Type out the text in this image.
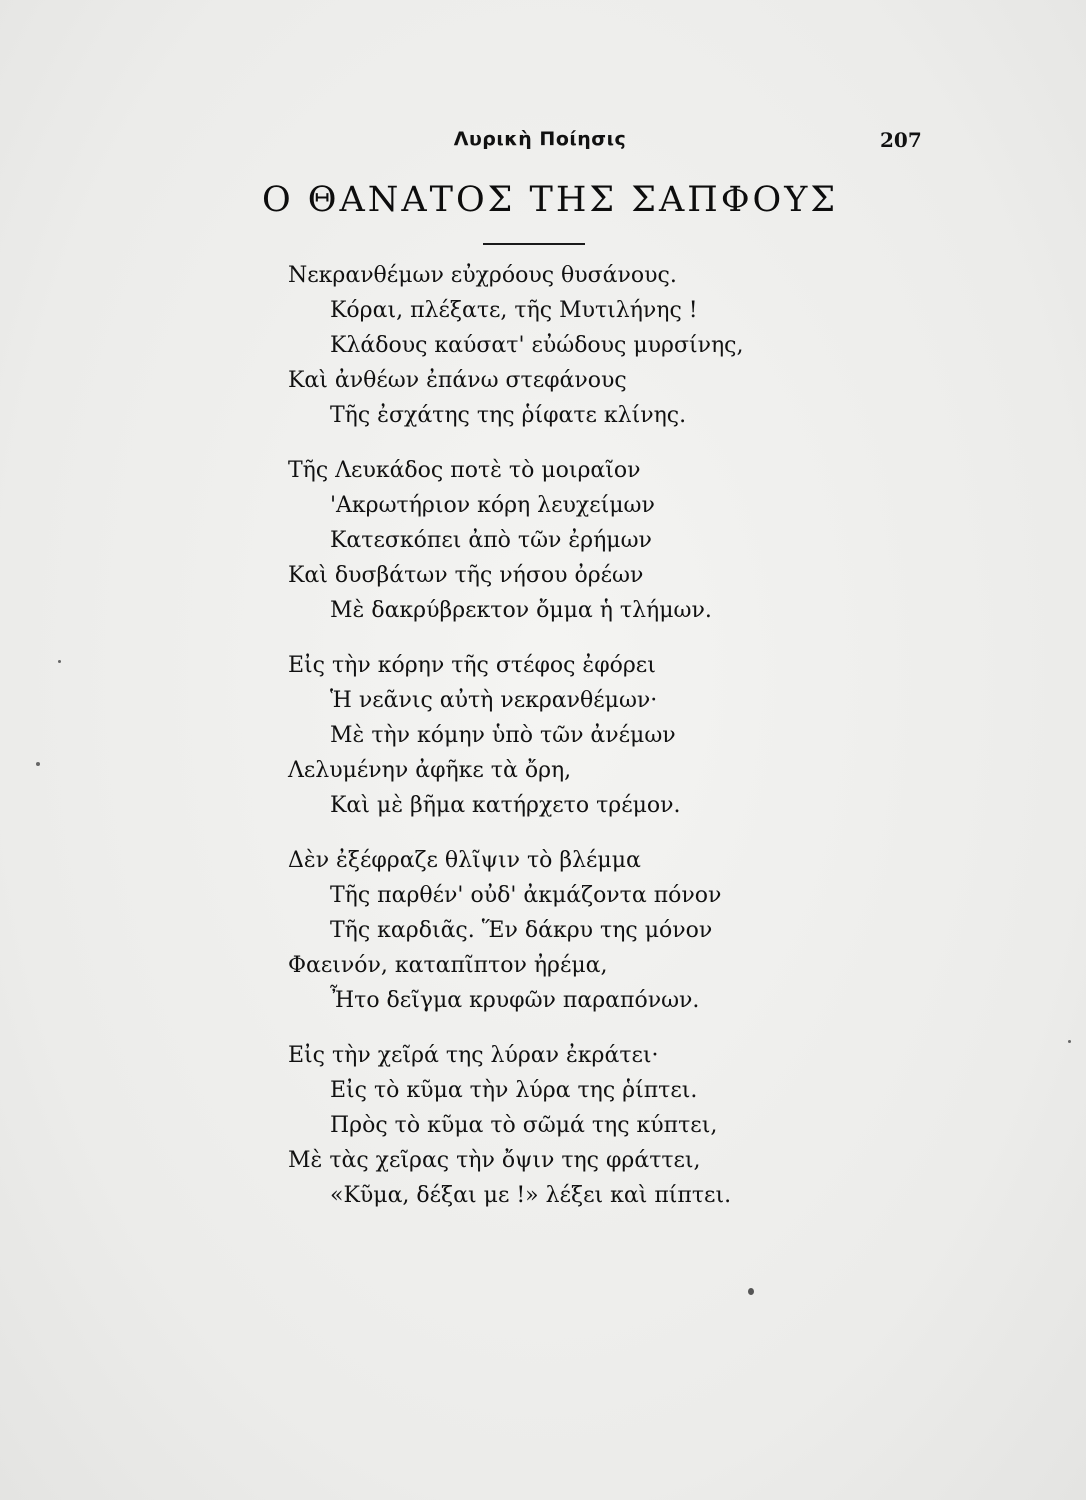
Λυρικὴ Ποίησις	207
Ο ΘΑΝΑΤΟΣ ΤΗΣ ΣΑΠΦΟΥΣ
Νεκρανθέμων εὐχρόους θυσάνους.
Κόραι, πλέξατε, τῆς Μυτιλήνης !
Κλάδους καύσατ' εὐώδους μυρσίνης,
Καὶ ἀνθέων ἐπάνω στεφάνους
Τῆς ἐσχάτης της ῥίφατε κλίνης.
Τῆς Λευκάδος ποτὲ τὸ μοιραῖον
'Ακρωτήριον κόρη λευχείμων
Κατεσκόπει ἀπὸ τῶν ἐρήμων
Καὶ δυσβάτων τῆς νήσου ὀρέων
Μὲ δακρύβρεκτον ὄμμα ἡ τλήμων.
Εἰς τὴν κόρην τῆς στέφος ἐφόρει
Ἡ νεᾶνις αὐτὴ νεκρανθέμων·
Μὲ τὴν κόμην ὑπὸ τῶν ἀνέμων
Λελυμένην ἀφῆκε τὰ ὄρη,
Καὶ μὲ βῆμα κατήρχετο τρέμον.
Δὲν ἐξέφραζε θλῖψιν τὸ βλέμμα
Τῆς παρθέν' οὐδ' ἀκμάζοντα πόνον
Τῆς καρδιᾶς. Ἕν δάκρυ της μόνον
Φαεινόν, καταπῖπτον ἠρέμα,
Ἦτο δεῖγμα κρυφῶν παραπόνων.
Εἰς τὴν χεῖρά της λύραν ἐκράτει·
Εἰς τὸ κῦμα τὴν λύρα της ῥίπτει.
Πρὸς τὸ κῦμα τὸ σῶμά της κύπτει,
Μὲ τὰς χεῖρας τὴν ὄψιν της φράττει,
«Κῦμα, δέξαι με !» λέξει καὶ πίπτει.
